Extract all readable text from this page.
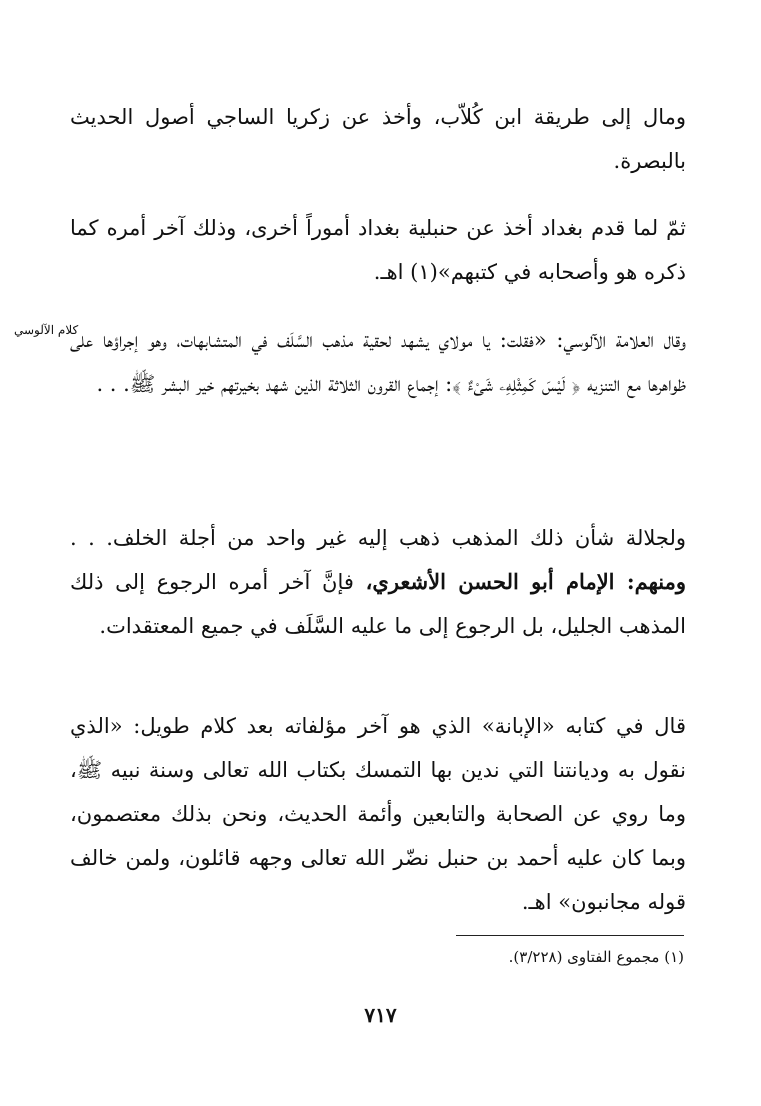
ومال إلى طريقة ابن كُلاّب، وأخذ عن زكريا الساجي أصول الحديث بالبصرة.
ثمّ لما قدم بغداد أخذ عن حنبلية بغداد أموراً أخرى، وذلك آخر أمره كما ذكره هو وأصحابه في كتبهم»(١) اهـ.
كلام الآلوسي
وقال العلامة الآلوسي: «فقلت: يا مولاي يشهد لحقية مذهب السَّلَف في المتشابهات، وهو إجراؤها على ظواهرها مع التنزيه ﴿ لَيْسَ كَمِثْلِهِۦ شَىْءٌ ﴾: إجماع القرون الثلاثة الذين شهد بخيرتهم خير البشر ﷺ. . .
ولجلالة شأن ذلك المذهب ذهب إليه غير واحد من أجلة الخلف. . . ومنهم: الإمام أبو الحسن الأشعري، فإنَّ آخر أمره الرجوع إلى ذلك المذهب الجليل، بل الرجوع إلى ما عليه السَّلَف في جميع المعتقدات.
قال في كتابه «الإبانة» الذي هو آخر مؤلفاته بعد كلام طويل: «الذي نقول به وديانتنا التي ندين بها التمسك بكتاب الله تعالى وسنة نبيه ﷺ، وما روي عن الصحابة والتابعين وأئمة الحديث، ونحن بذلك معتصمون، وبما كان عليه أحمد بن حنبل نضّر الله تعالى وجهه قائلون، ولمن خالف قوله مجانبون» اهـ.
(١) مجموع الفتاوى (٣/٢٢٨).
٧١٧
